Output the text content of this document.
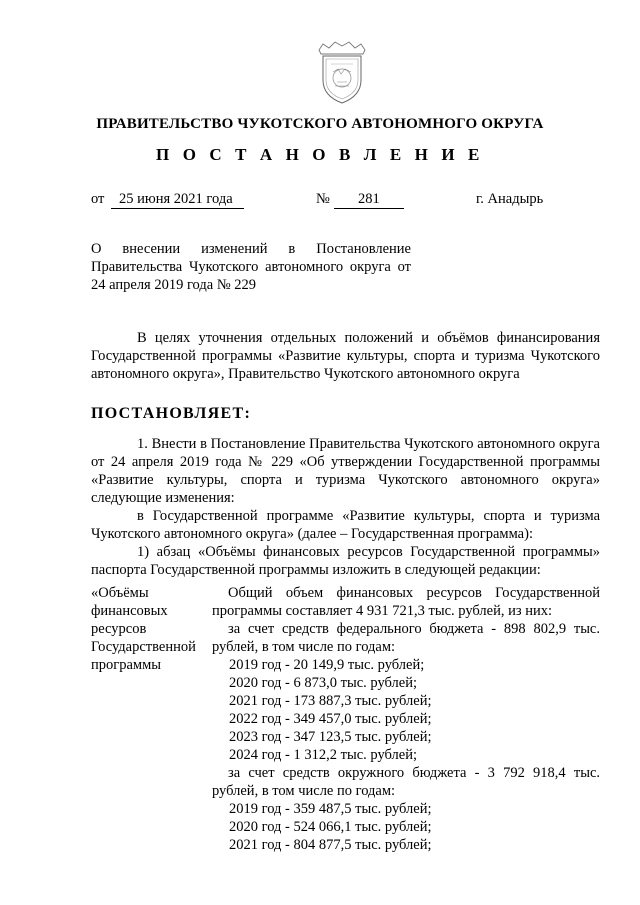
ПРАВИТЕЛЬСТВО ЧУКОТСКОГО АВТОНОМНОГО ОКРУГА
П О С Т А Н О В Л Е Н И Е
от	25 июня 2021 года	№	281	г. Анадырь
О внесении изменений в Постановление Правительства Чукотского автономного округа от 24 апреля 2019 года № 229

В целях уточнения отдельных положений и объёмов финансирования Государственной программы «Развитие культуры, спорта и туризма Чукотского автономного округа», Правительство Чукотского автономного округа

ПОСТАНОВЛЯЕТ:

1. Внести в Постановление Правительства Чукотского автономного округа от 24 апреля 2019 года № 229 «Об утверждении Государственной программы «Развитие культуры, спорта и туризма Чукотского автономного округа» следующие изменения:

в Государственной программе «Развитие культуры, спорта и туризма Чукотского автономного округа» (далее – Государственная программа):

1) абзац «Объёмы финансовых ресурсов Государственной программы» паспорта Государственной программы изложить в следующей редакции:

«Объёмы финансовых ресурсов Государственной программы

Общий объем финансовых ресурсов Государственной программы составляет 4 931 721,3 тыс. рублей, из них:

за счет средств федерального бюджета - 898 802,9 тыс. рублей, в том числе по годам:

2019 год - 20 149,9 тыс. рублей;

2020 год - 6 873,0 тыс. рублей;

2021 год - 173 887,3 тыс. рублей;

2022 год - 349 457,0 тыс. рублей;

2023 год - 347 123,5 тыс. рублей;

2024 год - 1 312,2 тыс. рублей;

за счет средств окружного бюджета - 3 792 918,4 тыс. рублей, в том числе по годам:

2019 год - 359 487,5 тыс. рублей;

2020 год - 524 066,1 тыс. рублей;

2021 год - 804 877,5 тыс. рублей;
